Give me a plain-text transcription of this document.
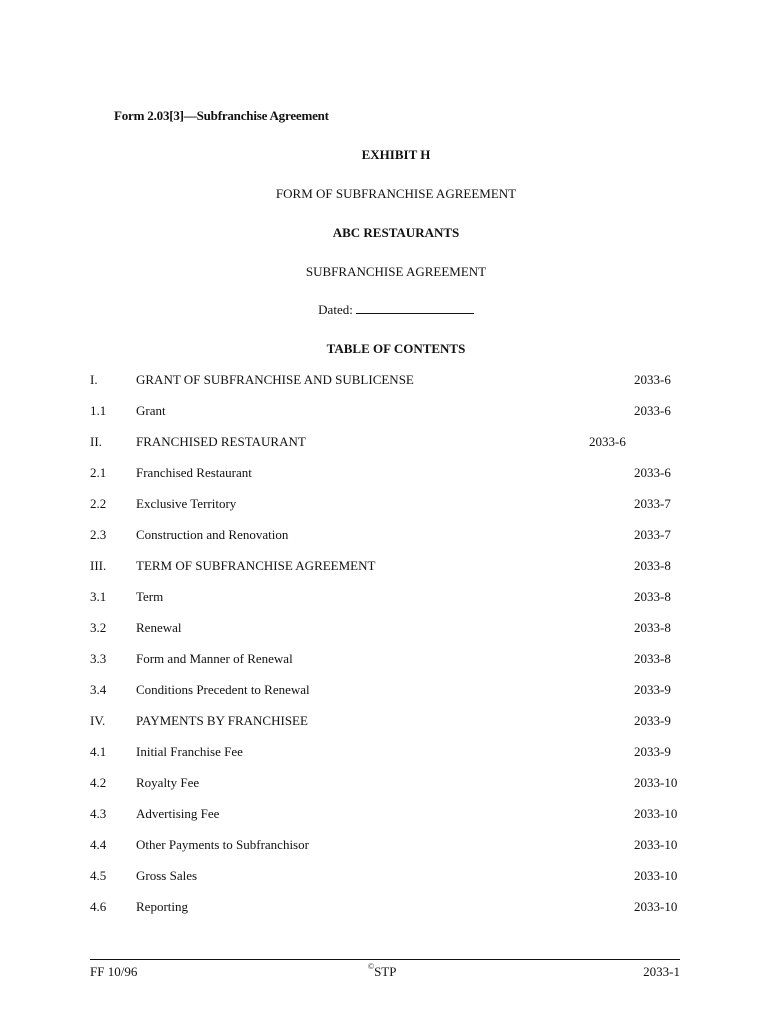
Form 2.03[3]—Subfranchise Agreement
EXHIBIT H
FORM OF SUBFRANCHISE AGREEMENT
ABC RESTAURANTS
SUBFRANCHISE AGREEMENT
Dated:
TABLE OF CONTENTS
I.	GRANT OF SUBFRANCHISE AND SUBLICENSE	2033-6
1.1 Grant	2033-6
II.	FRANCHISED RESTAURANT	2033-6
2.1 Franchised Restaurant	2033-6
2.2 Exclusive Territory	2033-7
2.3 Construction and Renovation	2033-7
III. TERM OF SUBFRANCHISE AGREEMENT	2033-8
3.1 Term	2033-8
3.2 Renewal	2033-8
3.3 Form and Manner of Renewal	2033-8
3.4 Conditions Precedent to Renewal	2033-9
IV. PAYMENTS BY FRANCHISEE	2033-9
4.1 Initial Franchise Fee	2033-9
4.2 Royalty Fee	2033-10
4.3 Advertising Fee	2033-10
4.4 Other Payments to Subfranchisor	2033-10
4.5 Gross Sales	2033-10
4.6 Reporting	2033-10
FF 10/96	©STP	2033-1
